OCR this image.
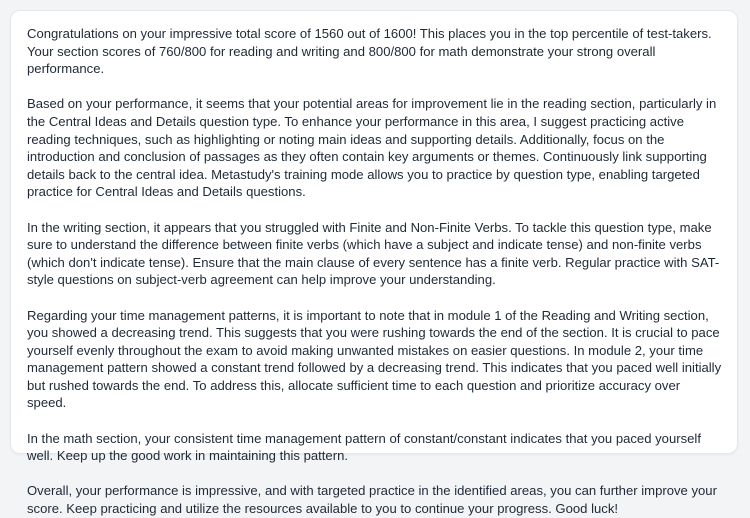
Congratulations on your impressive total score of 1560 out of 1600! This places you in the top percentile of test-takers. Your section scores of 760/800 for reading and writing and 800/800 for math demonstrate your strong overall performance.

Based on your performance, it seems that your potential areas for improvement lie in the reading section, particularly in the Central Ideas and Details question type. To enhance your performance in this area, I suggest practicing active reading techniques, such as highlighting or noting main ideas and supporting details. Additionally, focus on the introduction and conclusion of passages as they often contain key arguments or themes. Continuously link supporting details back to the central idea. Metastudy's training mode allows you to practice by question type, enabling targeted practice for Central Ideas and Details questions.

In the writing section, it appears that you struggled with Finite and Non-Finite Verbs. To tackle this question type, make sure to understand the difference between finite verbs (which have a subject and indicate tense) and non-finite verbs (which don't indicate tense). Ensure that the main clause of every sentence has a finite verb. Regular practice with SAT-style questions on subject-verb agreement can help improve your understanding.

Regarding your time management patterns, it is important to note that in module 1 of the Reading and Writing section, you showed a decreasing trend. This suggests that you were rushing towards the end of the section. It is crucial to pace yourself evenly throughout the exam to avoid making unwanted mistakes on easier questions. In module 2, your time management pattern showed a constant trend followed by a decreasing trend. This indicates that you paced well initially but rushed towards the end. To address this, allocate sufficient time to each question and prioritize accuracy over speed.

In the math section, your consistent time management pattern of constant/constant indicates that you paced yourself well. Keep up the good work in maintaining this pattern.

Overall, your performance is impressive, and with targeted practice in the identified areas, you can further improve your score. Keep practicing and utilize the resources available to you to continue your progress. Good luck!
